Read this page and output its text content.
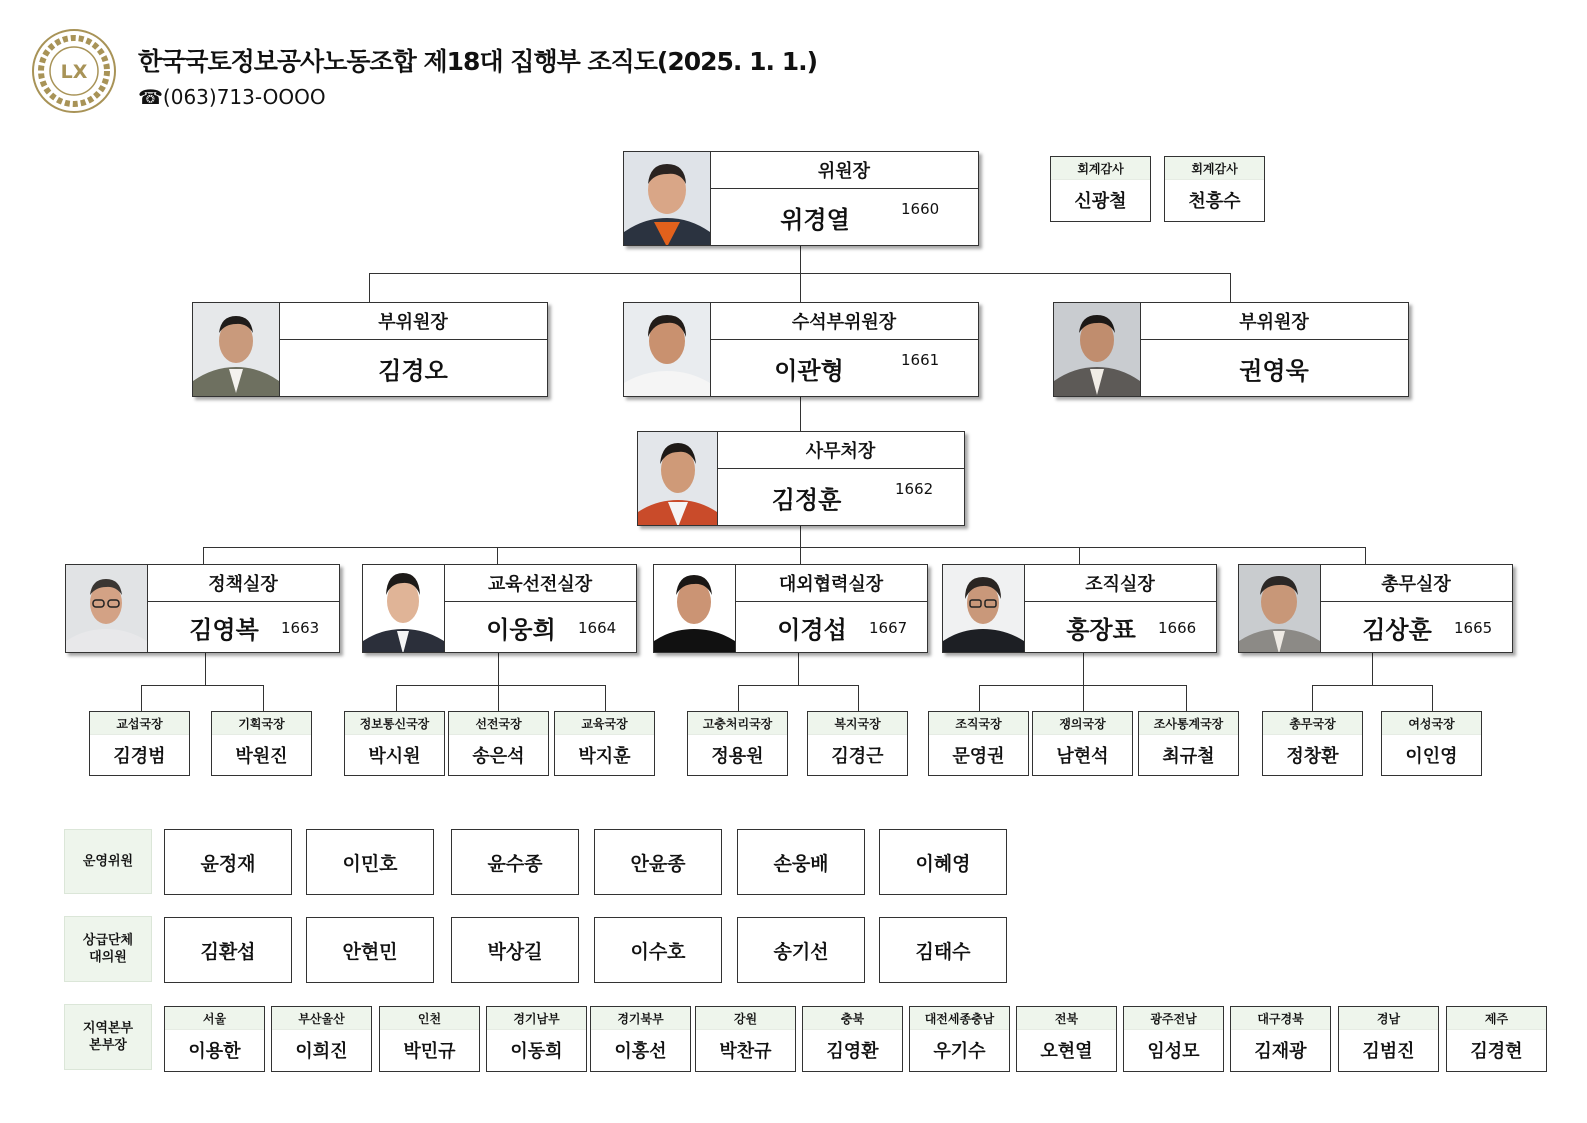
LX 한국국토정보공사노동조합 제18대 집행부 조직도(2025. 1. 1.)
☎(063)713-OOOO
위원장
위경열	1660
회계감사
신광철
회계감사
천흥수
부위원장
김경오
수석부위원장
이관형	1661
부위원장
권영욱
사무처장
김정훈	1662
정책실장
김영복 1663
교육선전실장
이웅희 1664
대외협력실장
이경섭 1667
조직실장
홍장표 1666
총무실장
김상훈 1665
교섭국장
김경범
기획국장
박원진
정보통신국장
박시원
선전국장
송은석
교육국장
박지훈
고충처리국장
정용원
복지국장
김경근
조직국장
문영권
쟁의국장
남현석
조사통계국장
최규철
총무국장
정창환
여성국장
이인영
운영위원	윤정재	이민호	윤수종	안윤종	손웅배	이혜영
상급단체 대의원	김환섭	안현민	박상길	이수호	송기선	김태수
지역본부 본부장
서울
이용한
부산울산
이희진
인천
박민규
경기남부
이동희
경기북부
이홍선
강원
박찬규
충북
김영환
대전세종충남
우기수
전북
오현열
광주전남
임성모
대구경북
김재광
경남
김범진
제주
김경현
